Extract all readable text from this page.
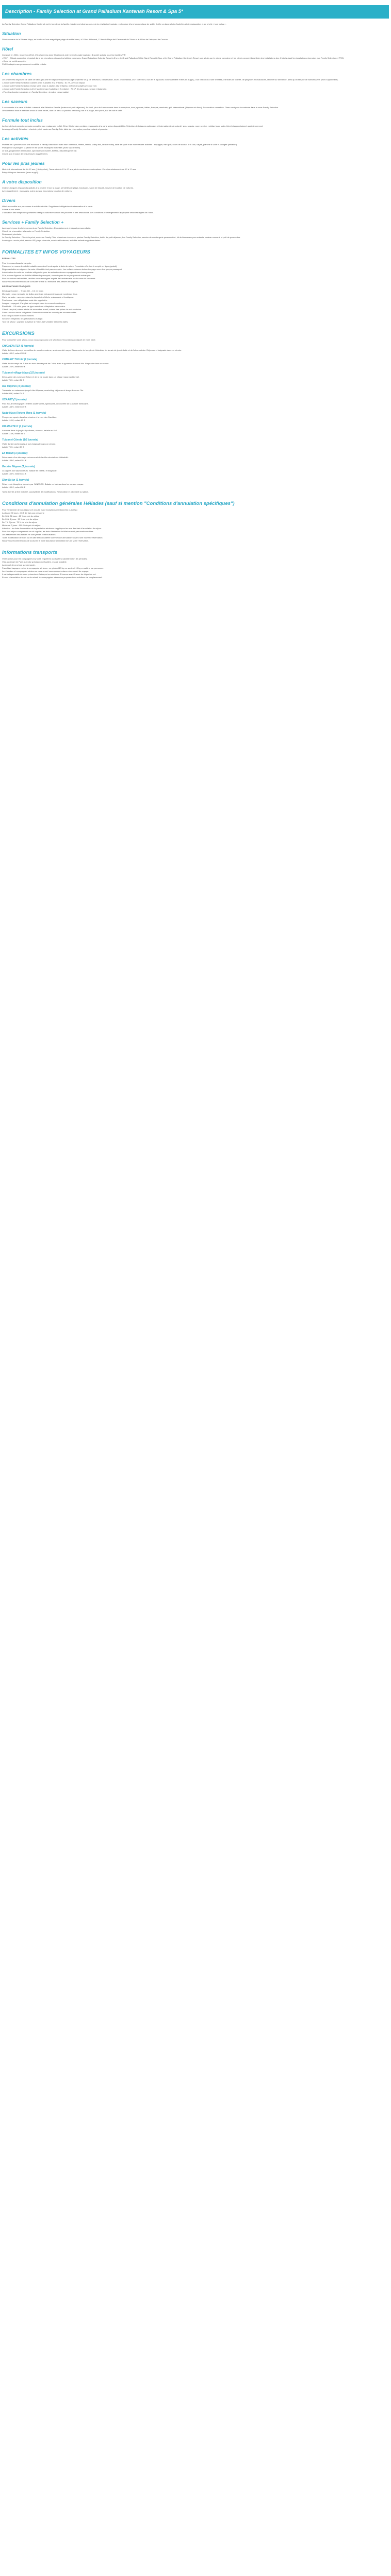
Description - Family Selection at Grand Palladium Kantenah Resort & Spa 5*

La Family Selection Grand Palladium Kantenah est le temple de la famille. Idéalement situé au cœur de la végétation tropicale, en bordure d'une longue plage de sable, il offre un large choix d'activités et de restauration et se révèle « tout inclus ».

Situation

Situé au cœur de la Riviera Maya, en bordure d'une magnifique plage de sable blanc, à 10 km d'Akumal, 12 km de Playa del Carmen et de Tulum et à 90 km de l'aéroport de Cancún.

Hôtel

Construit en 2004, rénové en 2014, 178 chambres dans 9 bâtiments entre mer et jungle tropicale. Bracelet spécial pour les familles VIP.
• Wi-Fi : Chiosk accessible et gratuit dans les réceptions et dans les lobbies communs. Grand Palladium Colonial Resort à 5 km ; le Grand Palladium White Sand Resort & Spa, et le Grand Palladium Kantenah Resort sont situés sur le même complexe et les clients peuvent bénéficier des installations des 4 hôtels (sauf les installations réservées aux Family Selection et TRS).
• Carte de crédit acceptée.
PMR / adaptés aux personnes à mobilité réduite.

Les chambres

Les chambres disposent de salle de bains (douche et baignoire hydromassage séparées WC), de télévision, climatisation, Wi-Fi, d'un minibar, d'un coffre-fort, d'un fer à repasser, d'une cafetière et thé (en suppl.), d'un balcon ou d'une terrasse, d'articles de toilette, de peignoirs et chaussons, lit bébé sur demande, ainsi qu'un service de blanchisserie (avec supplément).
• Junior suite Family Selection Garden (max 2 adultes et 2 enfants) : 61 m², avec un séjour.
• Junior suite Family Selection Ocean View (max 2 adultes et 2 enfants) : même descriptif avec vue mer.
• Junior suite Family Selection Loft et Master (max 2 adultes et 2 enfants) : 70 m², lits king-size, séjour et baignoire.
• Pour les chambres doubles en Family Selection : check-in personnalisé.

Les saveurs

5 restaurants à la carte + Buffet + réservé à la Sélection Famille (boisson et petit-déjeuner). Au total, plus de 9 restaurants dans le complexe, dont japonais, italien, français, mexicain, grill, international (déjeuner et dîner). Réservation conseillée. Dîner servi pour les enfants dans la zone Family Selection.
De nombreux bars et services snack à toute heure, dont un bar à la piscine, bar lobby, bar à la plage, bar sportif, bar de nuit et café.

Formule tout inclus

La formule tout compris : pension complète aux restaurants buffet. Dîner illimité dans certains restaurants à la carte selon disponibilités. Sélection de boissons nationales et internationales à volonté, vins, snacks, room service, minibar (eau, soda, bière) réapprovisionné quotidiennement.
Avantages Family Selection : check-in privé, accès au Family Club, table de réservation pour les enfants et parents.

Les activités

Profitez de 4 piscines dont une exclusive « Family Selection » avec bain à remous, fitness, tennis, volley-ball, beach-volley, salle de sport et de nombreuses activités : aquagym, mini-golf, cours de danse, tir à l'arc, kayak, planche à voile et plongée (initiation).
Pratique de la plongée, la pêche et les sports nautiques motorisés (avec supplément).
Le soir, programme d'animation, spectacles en soirée, théâtre, discothèque et bar.
Chiosk spa et salon de beauté (avec supplément).

Pour les plus jeunes

Mini-club international de 4 à 12 ans (1 baby-club), Teens club de 13 à 17 ans, et de nombreuses animations. Pour les adolescents de 12 à 17 ans.
Baby-sitting sur demande (avec suppl.).

A votre disposition

Chaises longues et parasols gratuits à la piscine et sur la plage, serviettes de plage, boutiques, salon de beauté, service de location de voitures.
Avec supplément : massages, soins au spa, excursions, location de voitures.

Divers

Hôtel accessible aux personnes à mobilité réduite. Supplément obligatoire de réservation à la carte.
Animaux non admis.
L'utilisation des téléphones portables n'est pas autorisée autour des piscines et des restaurants. Les conditions d'hébergement s'appliquent selon les règles de l'hôtel.

Services + Family Selection +

Accès privé pour les hébergements en Family Selection. Enregistrement et départ personnalisés.
Chiosk de réservation à la carte en Family Selection.
Restaurant prioritaire.
Le Family Selection : Check-in privé, accès au Family Club, chambres réservées, piscine Family Selection, buffet de petit-déjeuner, bar Family Selection, service de conciergerie personnalisé, kit de bienvenue pour enfants, cadeau souvenir et prêt de poussettes.
Avantages : accès privé, service VIP, plage réservée, snacks et boissons, activités enfants supplémentaires.

FORMALITES ET INFOS VOYAGEURS

FORMALITES

Pour les ressortissants français :
Passeport en cours de validité valable au moins 6 mois après la date de retour. Formulaire d'entrée à remplir en ligne (gratuit).
Règlementation en vigueur : la carte d'identité n'est pas acceptée. Les enfants mineurs doivent voyager avec leur propre passeport.
Autorisation de sortie du territoire obligatoire pour les enfants mineurs voyageant sans leurs parents.
Si le prénom figurant sur le billet diffère du passeport, vous risquez de ne pas pouvoir embarquer.
Pour les autres nationalités, veuillez vous renseigner auprès de l'ambassade ou du consulat concerné.
Nous vous recommandons de consulter le site du ministère des Affaires étrangères.

INFORMATIONS PRATIQUES

Décalage horaire : - 7 h en été, - 6 h en hiver.
Monnaie : peso mexicain. Le dollar américain est accepté dans de nombreux lieux.
Carte bancaire : acceptée dans la plupart des hôtels, restaurants et boutiques.
Pourboires : non obligatoires mais très appréciés.
Langue : espagnol. L'anglais est compris dans les zones touristiques.
Électricité : 110 volts, prise de type américain. Adaptateur nécessaire.
Climat : tropical, saison sèche de novembre à avril, saison des pluies de mai à octobre.
Santé : aucun vaccin obligatoire. Protection contre les moustiques recommandée.
Eau : ne pas boire l'eau du robinet.
Sécurité : respectez les précautions d'usage.
Taxe de séjour : payable sur place à l'hôtel, tarif variable selon les dates.

EXCURSIONS

Pour compléter votre séjour, nous vous proposons une sélection d'excursions au départ de votre hôtel.

CHICHEN ITZA (1 journée)

Visite de l'une des sept merveilles du monde moderne, ancienne cité maya. Découverte du temple de Kukulcán, du terrain de jeu de balle et de l'observatoire. Déjeuner et baignade dans un cénote.
Adulte 140 €, enfant 105 €

COBA ET TULUM (1 journée)

Visite du site maya de Tulum en bord de mer puis de Coba, avec la pyramide Nohoch Mul. Baignade dans un cénote.
Adulte 120 €, enfant 90 €

Tulum et village Maya (1/2 journée)

Découverte des ruines de Tulum et de la vie locale dans un village maya traditionnel.
Adulte 75 €, enfant 56 €

Isla Mujeres (1 journée)

Traversée en catamaran jusqu'à Isla Mujeres, snorkeling, déjeuner et temps libre sur l'île.
Adulte 99 €, enfant 74 €

XCARET (1 journée)

Parc éco-archéologique : rivières souterraines, spectacles, découverte de la culture mexicaine.
Adulte 145 €, enfant 110 €

Nado Maya Riviera Maya (1 journée)

Plongée en apnée dans les cénotes et la mer des Caraïbes.
Adulte 110 €, enfant 83 €

DIAMANTE K (1 journée)

Aventure dans la jungle : tyrolienne, cénotes, balade en 4x4.
Adulte 115 €, enfant 86 €

Tulum et Cénote (1/2 journée)

Visite du site archéologique puis baignade dans un cénote.
Adulte 79 €, enfant 59 €

Ek Balam (1 journée)

Découverte d'un site maya méconnu et de la ville coloniale de Valladolid.
Adulte 135 €, enfant 101 €

Bacalar Mayaar (1 journée)

La lagune aux sept couleurs. Balade en bateau et baignade.
Adulte 150 €, enfant 113 €

Sian Ka'an (1 journée)

Réserve de biosphère classée par l'UNESCO. Balade en bateau dans les canaux mayas.
Adulte 130 €, enfant 98 €

Tarifs donnés à titre indicatif, susceptibles de modifications. Réservation et paiement sur place.

Conditions d'annulation générales Héliades (sauf si mention "Conditions d'annulation spécifiques")

Pour l'ensemble de nos séjours et circuits (sauf exceptions mentionnées ci-après) :
A plus de 30 jours : 35 € de frais par personne
De 30 à 21 jours : 25 % du prix du séjour
De 20 à 8 jours : 50 % du prix du séjour
De 7 à 2 jours : 75 % du prix du séjour
Moins de 2 jours : 100 % du prix du séjour
Attention : les frais d'annulation de la prestation aérienne s'appliquent en sus des frais d'annulation du séjour.
Pour tout séjour comprenant un vol régulier, les frais d'émission du billet ne sont pas remboursables.
Les assurances facultatives ne sont jamais remboursables.
Toute modification de nom ou de date est considérée comme une annulation suivie d'une nouvelle réservation.
Nous vous recommandons de souscrire à notre assurance annulation lors de votre réservation.

Informations transports

Votre option pour les compagnies low cost, régulières ou charters variable selon les périodes.
Vols au départ de Paris sur vols spéciaux ou réguliers, escale possible.
Au départ de province sur demande.
Franchise bagages : selon la compagnie aérienne, en général 23 kg en soute et 10 kg en cabine par personne.
Les horaires et compagnies aériennes vous seront communiqués dans votre carnet de voyage.
Il est indispensable de vous présenter à l'aéroport au minimum 3 heures avant l'heure de départ du vol.
En cas d'annulation du vol ou de retard, les compagnies aériennes proposent des solutions de remplacement.
